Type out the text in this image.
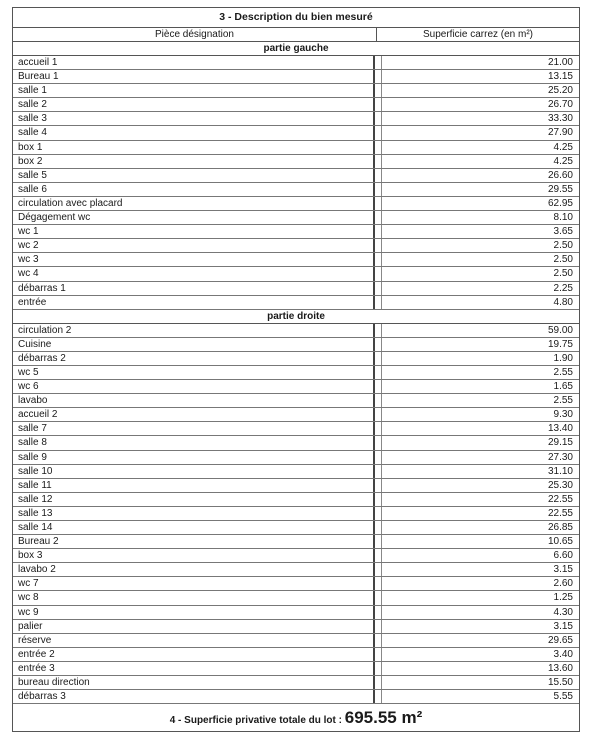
3 - Description du bien mesuré
Pièce désignation	Superficie carrez (en m²)
partie gauche
accueil 1	21.00
Bureau 1	13.15
salle 1	25.20
salle 2	26.70
salle 3	33.30
salle 4	27.90
box 1	4.25
box 2	4.25
salle 5	26.60
salle 6	29.55
circulation avec placard	62.95
Dégagement wc	8.10
wc 1	3.65
wc 2	2.50
wc 3	2.50
wc 4	2.50
débarras 1	2.25
entrée	4.80
partie droite
circulation 2	59.00
Cuisine	19.75
débarras 2	1.90
wc 5	2.55
wc 6	1.65
lavabo	2.55
accueil 2	9.30
salle 7	13.40
salle 8	29.15
salle 9	27.30
salle 10	31.10
salle 11	25.30
salle 12	22.55
salle 13	22.55
salle 14	26.85
Bureau 2	10.65
box 3	6.60
lavabo 2	3.15
wc 7	2.60
wc 8	1.25
wc 9	4.30
palier	3.15
réserve	29.65
entrée 2	3.40
entrée 3	13.60
bureau direction	15.50
débarras 3	5.55
4 - Superficie privative totale du lot : 695.55 m²
